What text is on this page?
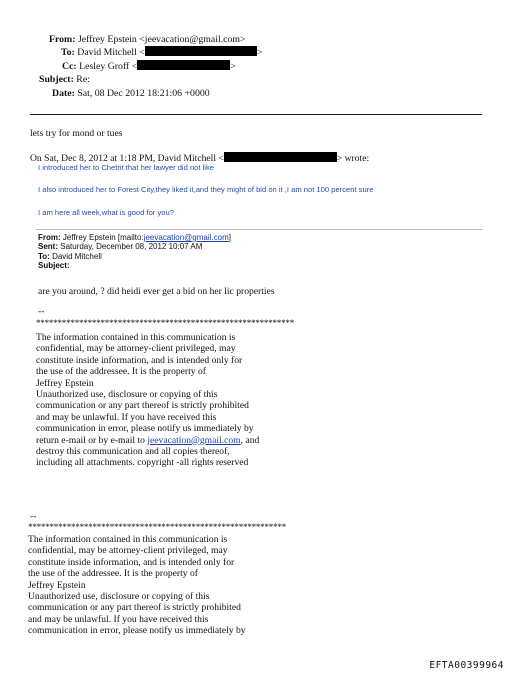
From: Jeffrey Epstein <jeevacation@gmail.com>
To: David Mitchell <	>
Cc: Lesley Groff <	>
Subject: Re:
Date: Sat, 08 Dec 2012 18:21:06 +0000
lets try for mond or tues
On Sat, Dec 8, 2012 at 1:18 PM, David Mitchell <	> wrote:
I introduced her to Chetrit that her lawyer did not like
I also introduced her to Forest City,they liked it,and they might of bid on it ,I am not 100 percent sure
I am here all week,what is good for you?
From: Jeffrey Epstein [mailto:jeevacation@gmail.com]
Sent: Saturday, December 08, 2012 10:07 AM
To: David Mitchell
Subject:
are you around, ? did heidi ever get a bid on her lic properties
--
************************************************************

The information contained in this communication is

confidential, may be attorney-client privileged, may

constitute inside information, and is intended only for

the use of the addressee. It is the property of

Jeffrey Epstein

Unauthorized use, disclosure or copying of this

communication or any part thereof is strictly prohibited

and may be unlawful. If you have received this

communication in error, please notify us immediately by

return e-mail or by e-mail to jeevacation@gmail.com, and

destroy this communication and all copies thereof,

including all attachments. copyright -all rights reserved

--
************************************************************

The information contained in this communication is

confidential, may be attorney-client privileged, may

constitute inside information, and is intended only for

the use of the addressee. It is the property of

Jeffrey Epstein

Unauthorized use, disclosure or copying of this

communication or any part thereof is strictly prohibited

and may be unlawful. If you have received this

communication in error, please notify us immediately by

EFTA00399964
